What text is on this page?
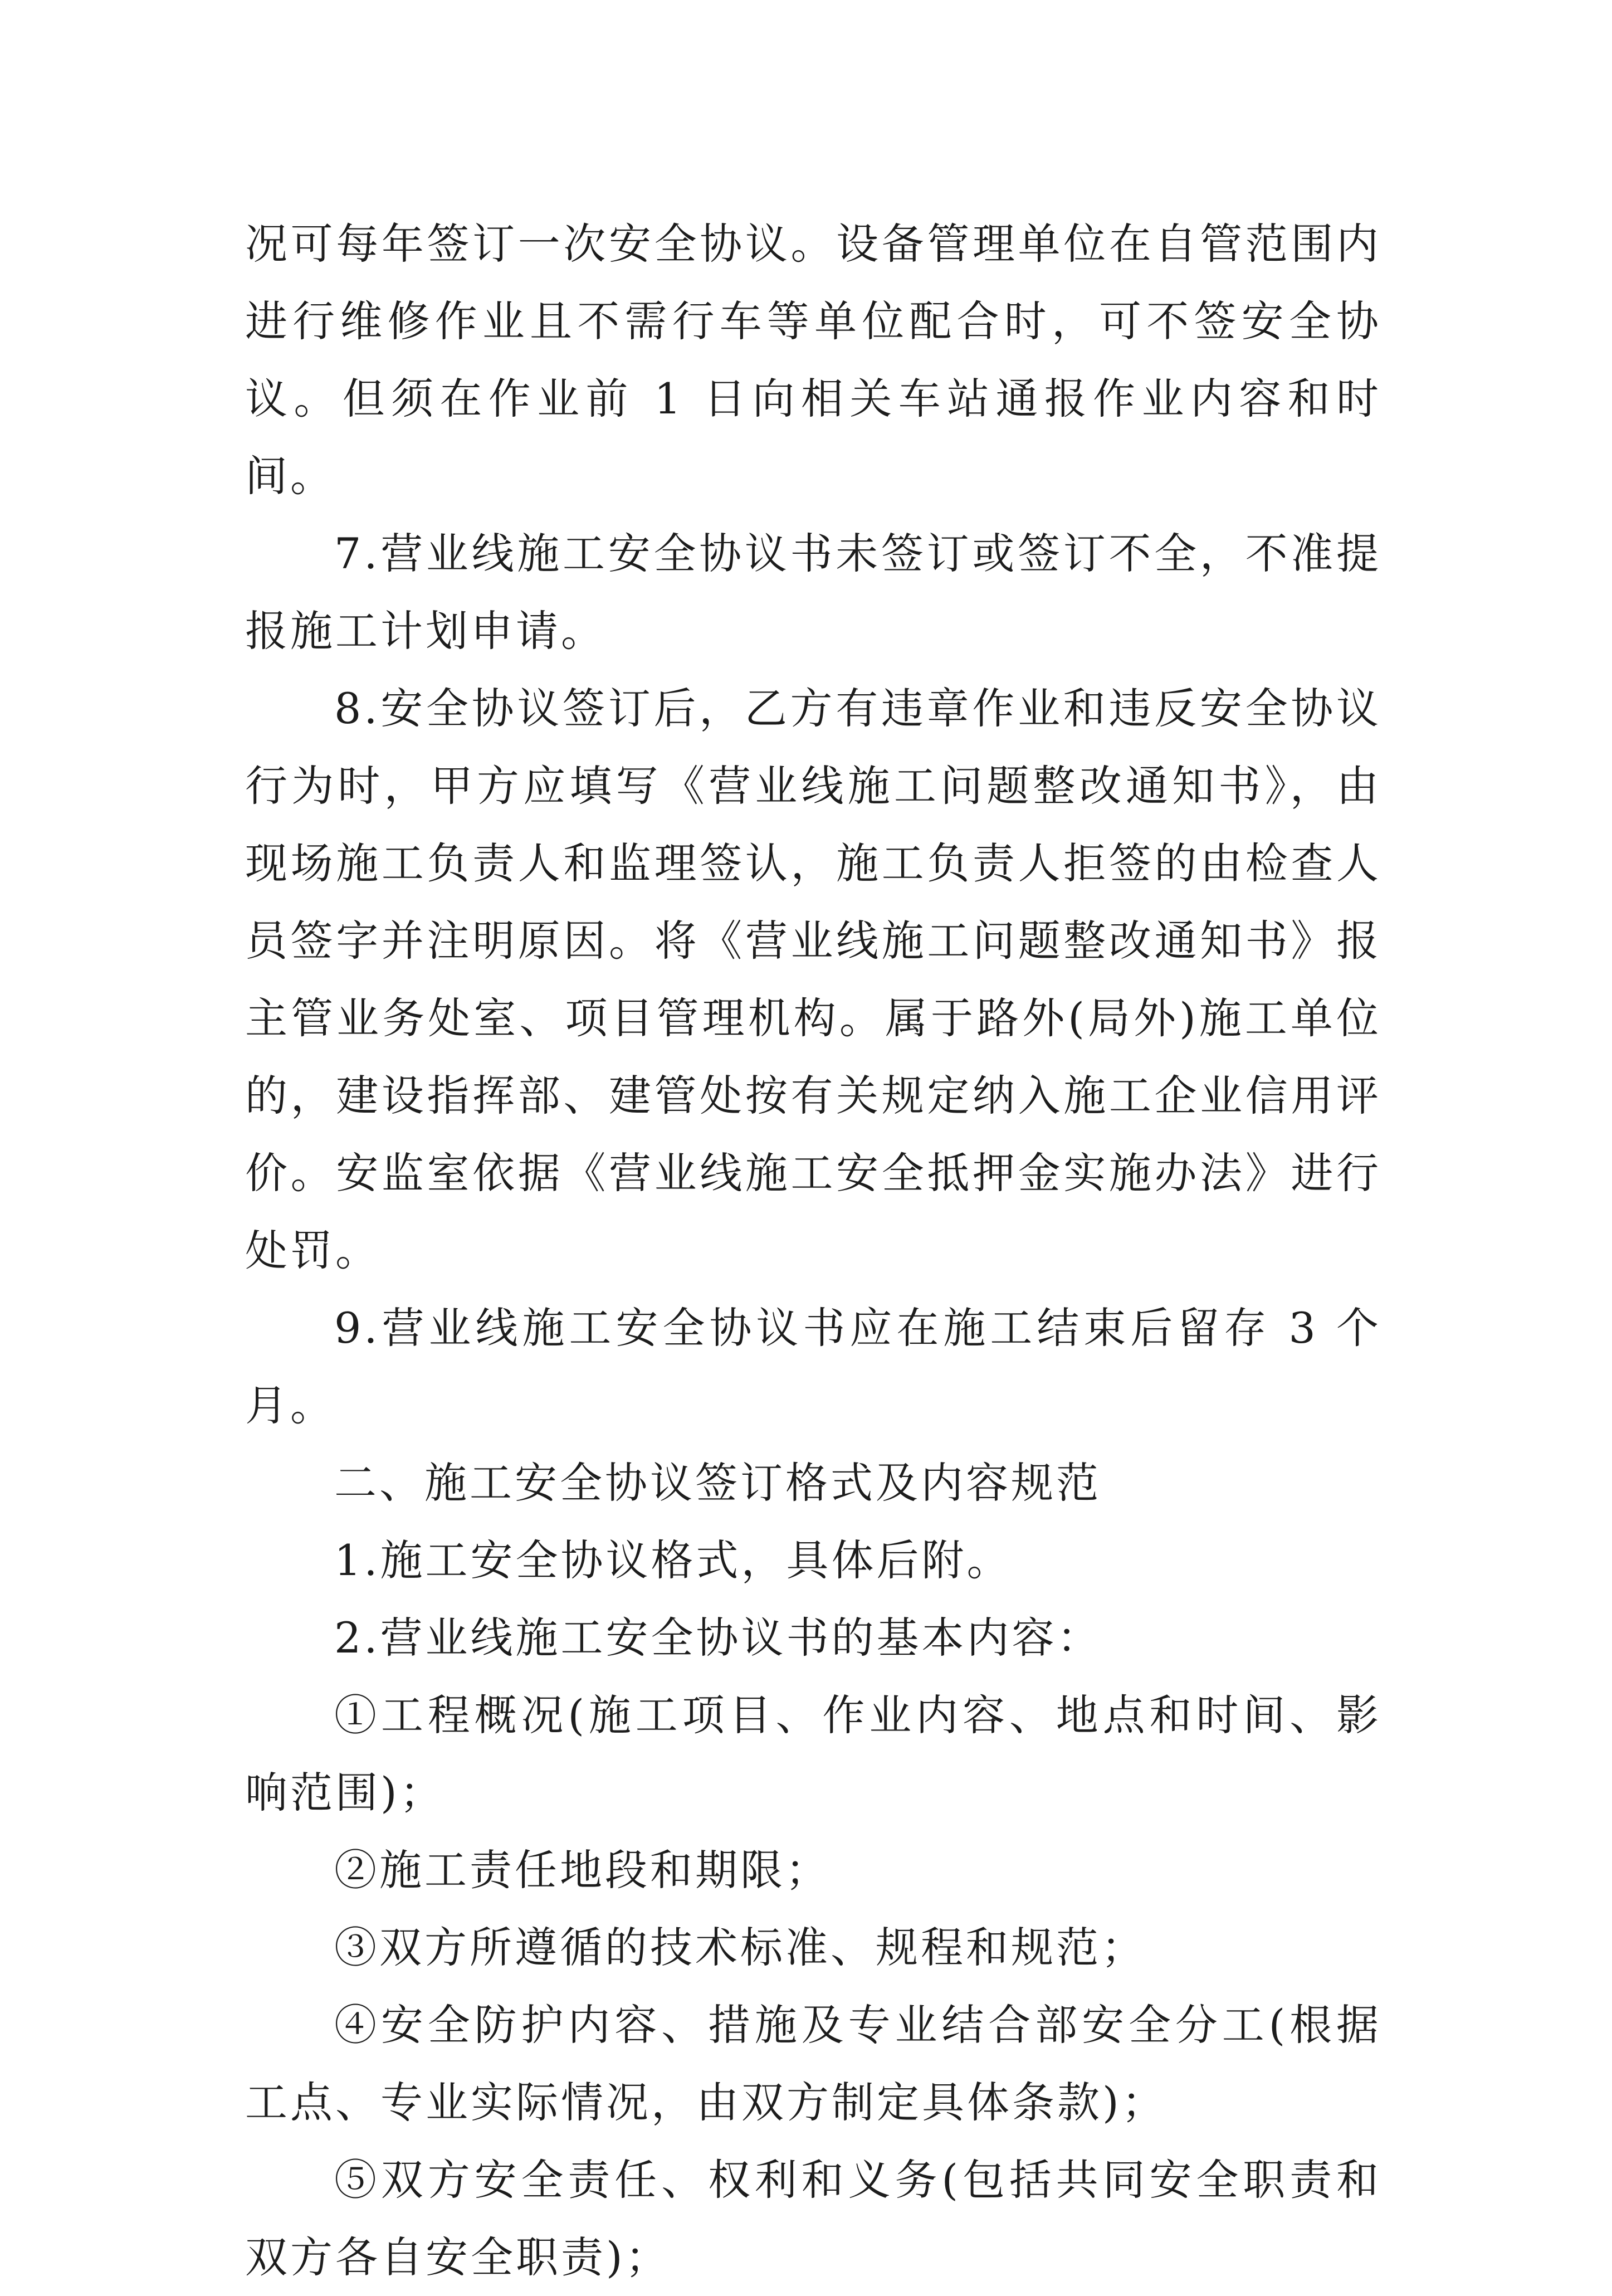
况可每年签订一次安全协议。设备管理单位在自管范围内进行维修作业且不需行车等单位配合时，可不签安全协议。但须在作业前 1 日向相关车站通报作业内容和时间。

7.营业线施工安全协议书未签订或签订不全，不准提报施工计划申请。

8.安全协议签订后，乙方有违章作业和违反安全协议行为时，甲方应填写《营业线施工问题整改通知书》，由现场施工负责人和监理签认，施工负责人拒签的由检查人员签字并注明原因。将《营业线施工问题整改通知书》报主管业务处室、项目管理机构。属于路外(局外)施工单位的，建设指挥部、建管处按有关规定纳入施工企业信用评价。安监室依据《营业线施工安全抵押金实施办法》进行处罚。

9.营业线施工安全协议书应在施工结束后留存 3 个月。

二、施工安全协议签订格式及内容规范

1.施工安全协议格式，具体后附。

2.营业线施工安全协议书的基本内容：

①工程概况(施工项目、作业内容、地点和时间、影响范围)；

②施工责任地段和期限；

③双方所遵循的技术标准、规程和规范；

④安全防护内容、措施及专业结合部安全分工(根据工点、专业实际情况，由双方制定具体条款)；

⑤双方安全责任、权利和义务(包括共同安全职责和双方各自安全职责)；
